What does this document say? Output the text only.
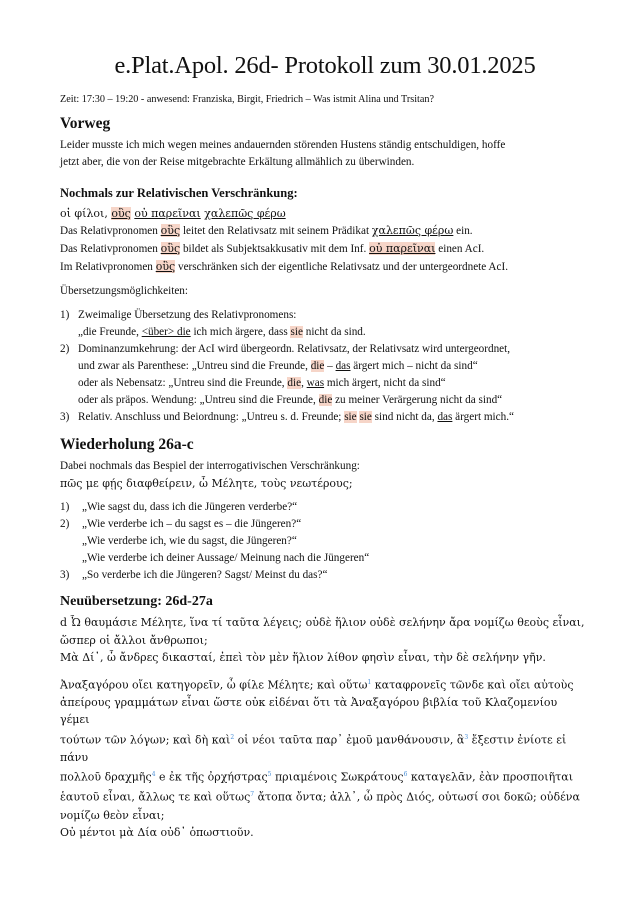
e.Plat.Apol. 26d- Protokoll zum 30.01.2025
Zeit: 17:30 – 19:20 - anwesend: Franziska, Birgit, Friedrich – Was istmit Alina und Trsitan?
Vorweg

Leider musste ich mich wegen meines andauernden störenden Hustens ständig entschuldigen, hoffe

jetzt aber, die von der Reise mitgebrachte Erkältung allmählich zu überwinden.

Nochmals zur Relativischen Verschränkung:

οἱ φίλοι, οὓς οὐ παρεῖναι χαλεπῶς φέρω

Das Relativpronomen οὓς leitet den Relativsatz mit seinem Prädikat χαλεπῶς φέρω ein.

Das Relativpronomen οὓς bildet als Subjektsakkusativ mit dem Inf. οὐ παρεῖναι einen AcI.

Im Relativpronomen οὓς verschränken sich der eigentliche Relativsatz und der untergeordnete AcI.

Übersetzungsmöglichkeiten:

1) Zweimalige Übersetzung des Relativpronomens:
„die Freunde, <über> die ich mich ärgere, dass sie nicht da sind.
2) Dominanzumkehrung: der AcI wird übergeordn. Relativsatz, der Relativsatz wird untergeordnet,
und zwar als Parenthese: „Untreu sind die Freunde, die – das ärgert mich – nicht da sind“
oder als Nebensatz: „Untreu sind die Freunde, die, was mich ärgert, nicht da sind“
oder als präpos. Wendung: „Untreu sind die Freunde, die zu meiner Verärgerung nicht da sind“
3) Relativ. Anschluss und Beiordnung: „Untreu s. d. Freunde; sie sie sind nicht da, das ärgert mich.“
Wiederholung 26a-c

Dabei nochmals das Bespiel der interrogativischen Verschränkung:

πῶς με φῄς διαφθείρειν, ὦ Μέλητε, τοὺς νεωτέρους;

1) „Wie sagst du, dass ich die Jüngeren verderbe?“
2) „Wie verderbe ich – du sagst es – die Jüngeren?“
„Wie verderbe ich, wie du sagst, die Jüngeren?“
„Wie verderbe ich deiner Aussage/ Meinung nach die Jüngeren“
3) „So verderbe ich die Jüngeren? Sagst/ Meinst du das?“
Neuübersetzung: 26d-27a

d Ὦ θαυμάσιε Μέλητε, ἵνα τί ταῦτα λέγεις; οὐδὲ ἥλιον οὐδὲ σελήνην ἄρα νομίζω θεοὺς εἶναι,

ὥσπερ οἱ ἄλλοι ἄνθρωποι;

Μὰ Δί᾽, ὦ ἄνδρες δικασταί, ἐπεὶ τὸν μὲν ἥλιον λίθον φησὶν εἶναι, τὴν δὲ σελήνην γῆν.

Ἀναξαγόρου οἴει κατηγορεῖν, ὦ φίλε Μέλητε; καὶ οὕτω$^1$ καταφρονεῖς τῶνδε καὶ οἴει αὐτοὺς

ἀπείρους γραμμάτων εἶναι ὥστε οὐκ εἰδέναι ὅτι τὰ Ἀναξαγόρου βιβλία τοῦ Κλαζομενίου γέμει

τούτων τῶν λόγων; καὶ δὴ καὶ$^2$ οἱ νέοι ταῦτα παρ᾽ ἐμοῦ μανθάνουσιν, ἃ$^3$ ἔξεστιν ἐνίοτε εἰ πάνυ

πολλοῦ δραχμῆς$^4$ e ἐκ τῆς ὀρχήστρας$^5$ πριαμένοις Σωκράτους$^6$ καταγελᾶν, ἐὰν προσποιῆται

ἑαυτοῦ εἶναι, ἄλλως τε καὶ οὕτως$^7$ ἄτοπα ὄντα; ἀλλ᾽, ὦ πρὸς Διός, οὑτωσί σοι δοκῶ; οὐδένα

νομίζω θεὸν εἶναι;

Οὐ μέντοι μὰ Δία οὐδ᾽ ὁπωστιοῦν.
